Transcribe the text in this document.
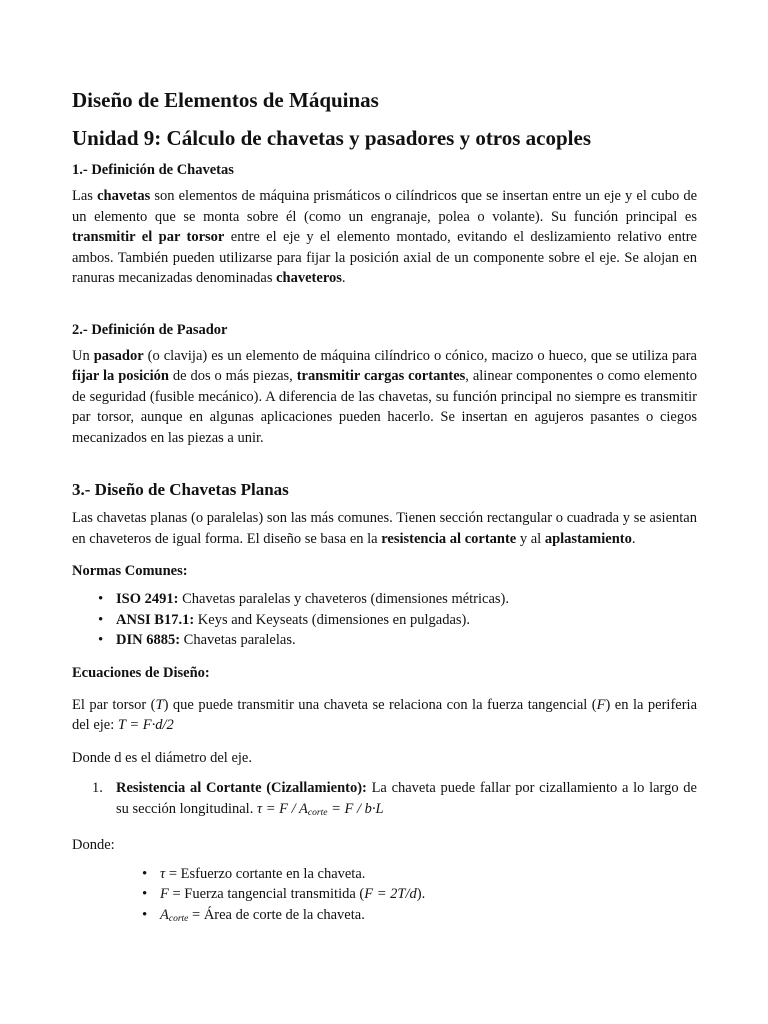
Diseño de Elementos de Máquinas
Unidad 9: Cálculo de chavetas y pasadores y otros acoples
1.- Definición de Chavetas

Las chavetas son elementos de máquina prismáticos o cilíndricos que se insertan entre un eje y el cubo de un elemento que se monta sobre él (como un engranaje, polea o volante). Su función principal es transmitir el par torsor entre el eje y el elemento montado, evitando el deslizamiento relativo entre ambos. También pueden utilizarse para fijar la posición axial de un componente sobre el eje. Se alojan en ranuras mecanizadas denominadas chaveteros.

2.- Definición de Pasador

Un pasador (o clavija) es un elemento de máquina cilíndrico o cónico, macizo o hueco, que se utiliza para fijar la posición de dos o más piezas, transmitir cargas cortantes, alinear componentes o como elemento de seguridad (fusible mecánico). A diferencia de las chavetas, su función principal no siempre es transmitir par torsor, aunque en algunas aplicaciones pueden hacerlo. Se insertan en agujeros pasantes o ciegos mecanizados en las piezas a unir.

3.- Diseño de Chavetas Planas

Las chavetas planas (o paralelas) son las más comunes. Tienen sección rectangular o cuadrada y se asientan en chaveteros de igual forma. El diseño se basa en la resistencia al cortante y al aplastamiento.

Normas Comunes:
• ISO 2491: Chavetas paralelas y chaveteros (dimensiones métricas).
• ANSI B17.1: Keys and Keyseats (dimensiones en pulgadas).
• DIN 6885: Chavetas paralelas.
Ecuaciones de Diseño:

El par torsor (T) que puede transmitir una chaveta se relaciona con la fuerza tangencial (F) en la periferia del eje: T = F·d/2

Donde d es el diámetro del eje.

1. Resistencia al Cortante (Cizallamiento): La chaveta puede fallar por cizallamiento a lo largo de su sección longitudinal. $\tau = F / A_{corte} = F / b\cdot L$

Donde:

• τ = Esfuerzo cortante en la chaveta.
• F = Fuerza tangencial transmitida (F = 2T/d).
• $A_{corte}$ = Área de corte de la chaveta.
